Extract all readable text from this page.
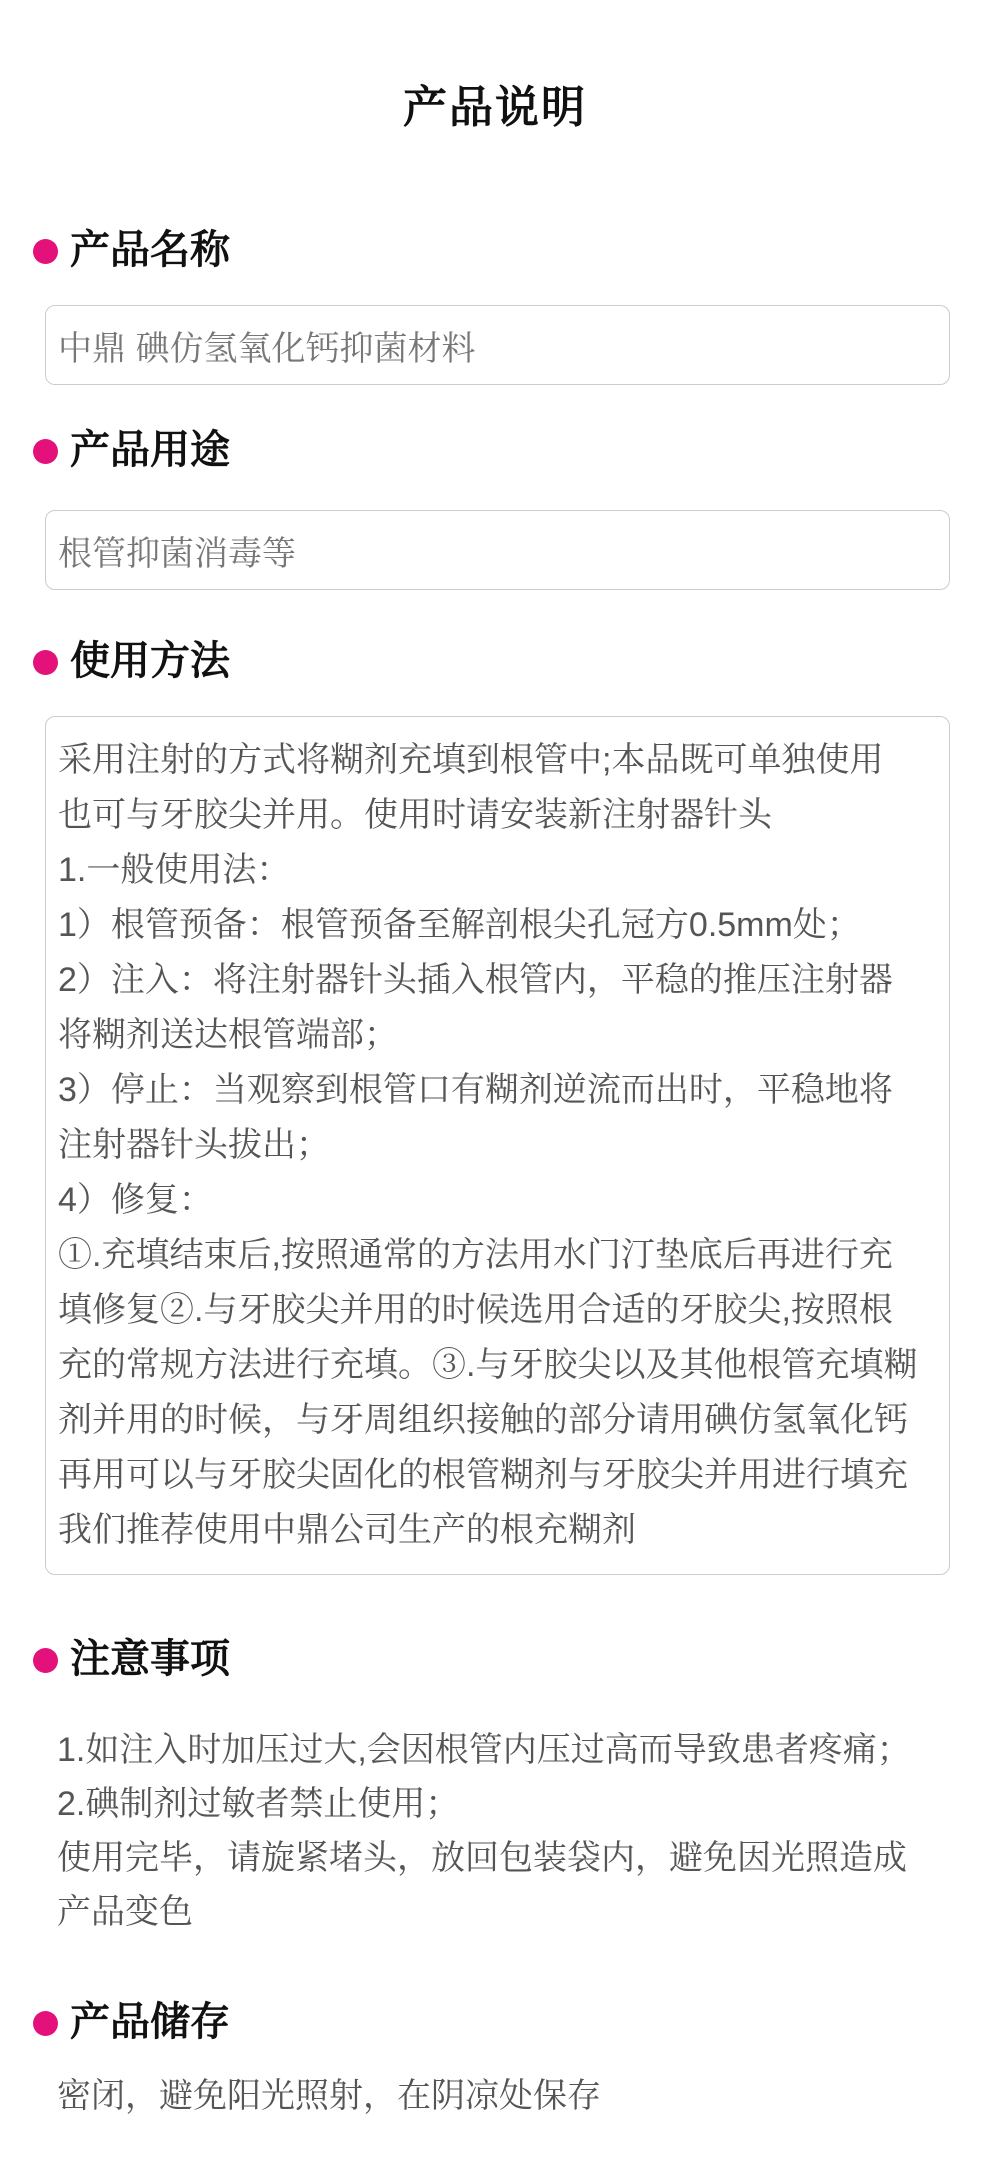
产品说明
产品名称
中鼎 碘仿氢氧化钙抑菌材料
产品用途
根管抑菌消毒等
使用方法
采用注射的方式将糊剂充填到根管中;本品既可单独使用
也可与牙胶尖并用。使用时请安装新注射器针头
1.一般使用法：
1）根管预备：根管预备至解剖根尖孔冠方0.5mm处；
2）注入：将注射器针头插入根管内，平稳的推压注射器
将糊剂送达根管端部；
3）停止：当观察到根管口有糊剂逆流而出时，平稳地将
注射器针头拔出；
4）修复：
①.充填结束后,按照通常的方法用水门汀垫底后再进行充
填修复②.与牙胶尖并用的时候选用合适的牙胶尖,按照根
充的常规方法进行充填。③.与牙胶尖以及其他根管充填糊
剂并用的时候，与牙周组织接触的部分请用碘仿氢氧化钙
再用可以与牙胶尖固化的根管糊剂与牙胶尖并用进行填充
我们推荐使用中鼎公司生产的根充糊剂
注意事项
1.如注入时加压过大,会因根管内压过高而导致患者疼痛；
2.碘制剂过敏者禁止使用；
使用完毕，请旋紧堵头，放回包装袋内，避免因光照造成
产品变色
产品储存
密闭，避免阳光照射，在阴凉处保存
